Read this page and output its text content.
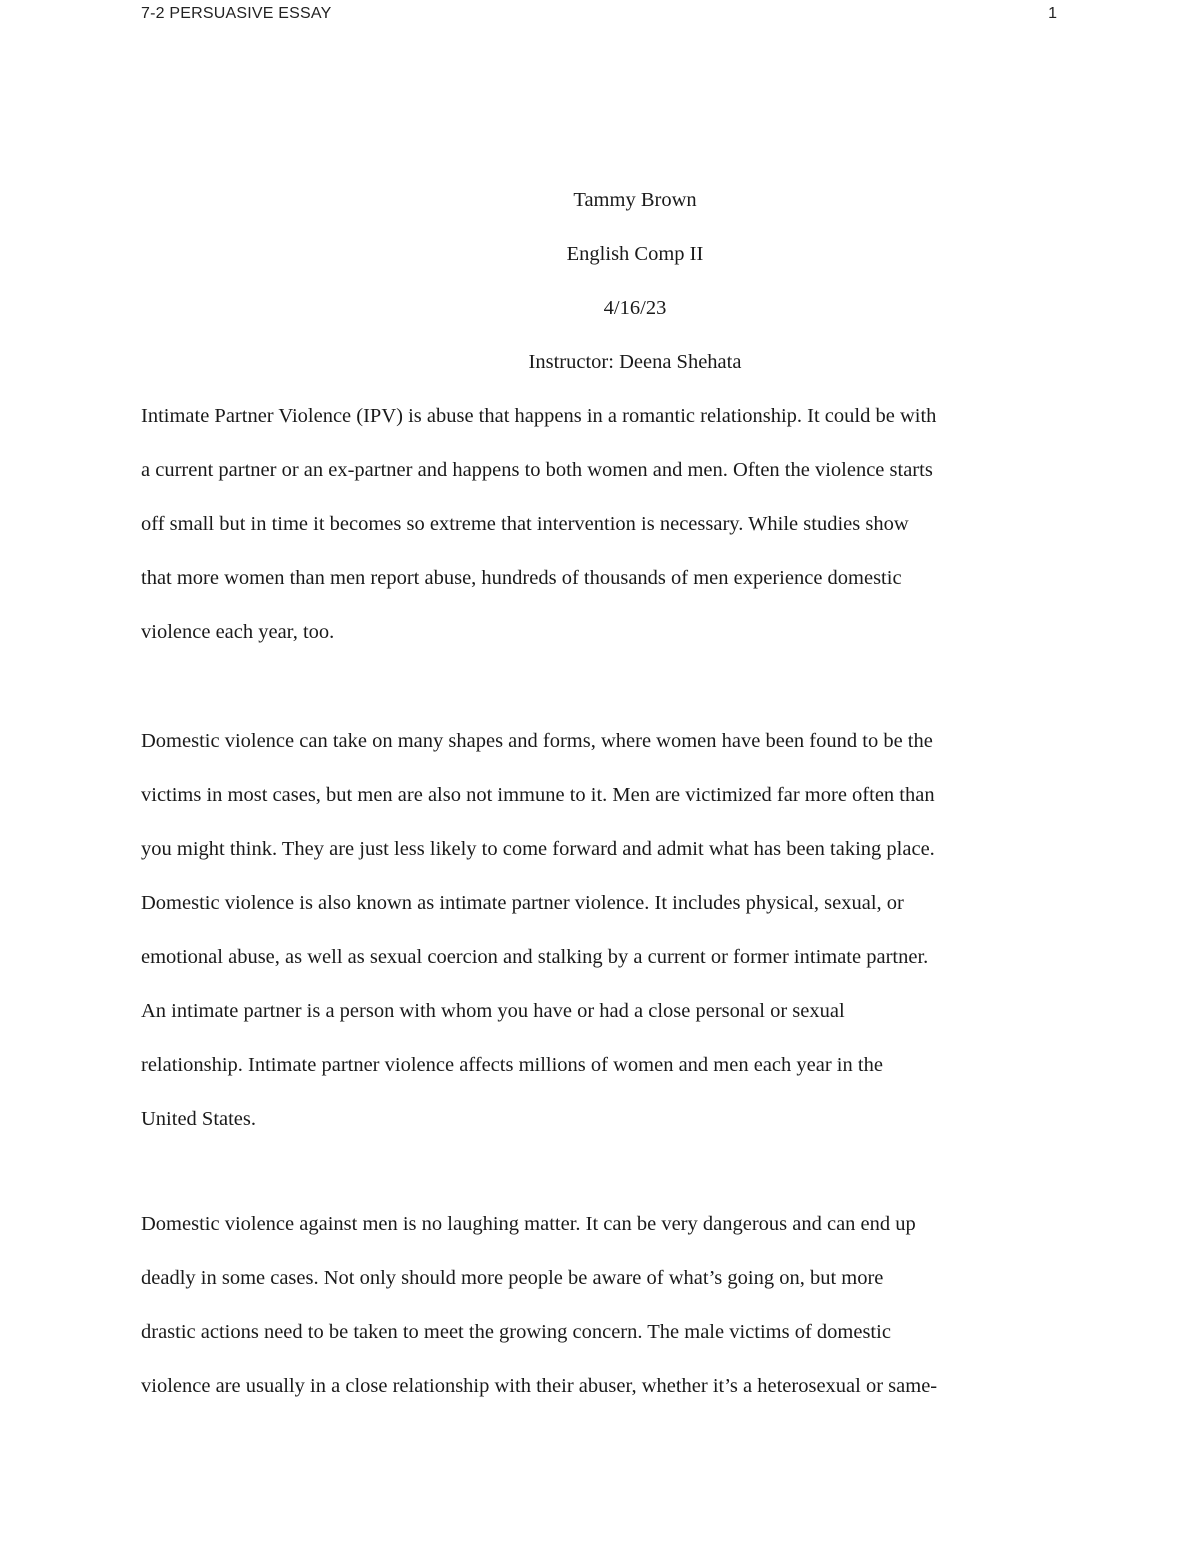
7-2 PERSUASIVE ESSAY	1
Tammy Brown
English Comp II
4/16/23
Instructor: Deena Shehata
Intimate Partner Violence (IPV) is abuse that happens in a romantic relationship. It could be with
a current partner or an ex-partner and happens to both women and men. Often the violence starts
off small but in time it becomes so extreme that intervention is necessary. While studies show
that more women than men report abuse, hundreds of thousands of men experience domestic
violence each year, too.
Domestic violence can take on many shapes and forms, where women have been found to be the
victims in most cases, but men are also not immune to it. Men are victimized far more often than
you might think. They are just less likely to come forward and admit what has been taking place.
Domestic violence is also known as intimate partner violence. It includes physical, sexual, or
emotional abuse, as well as sexual coercion and stalking by a current or former intimate partner.
An intimate partner is a person with whom you have or had a close personal or sexual
relationship. Intimate partner violence affects millions of women and men each year in the
United States.
Domestic violence against men is no laughing matter. It can be very dangerous and can end up
deadly in some cases. Not only should more people be aware of what’s going on, but more
drastic actions need to be taken to meet the growing concern. The male victims of domestic
violence are usually in a close relationship with their abuser, whether it’s a heterosexual or same-
